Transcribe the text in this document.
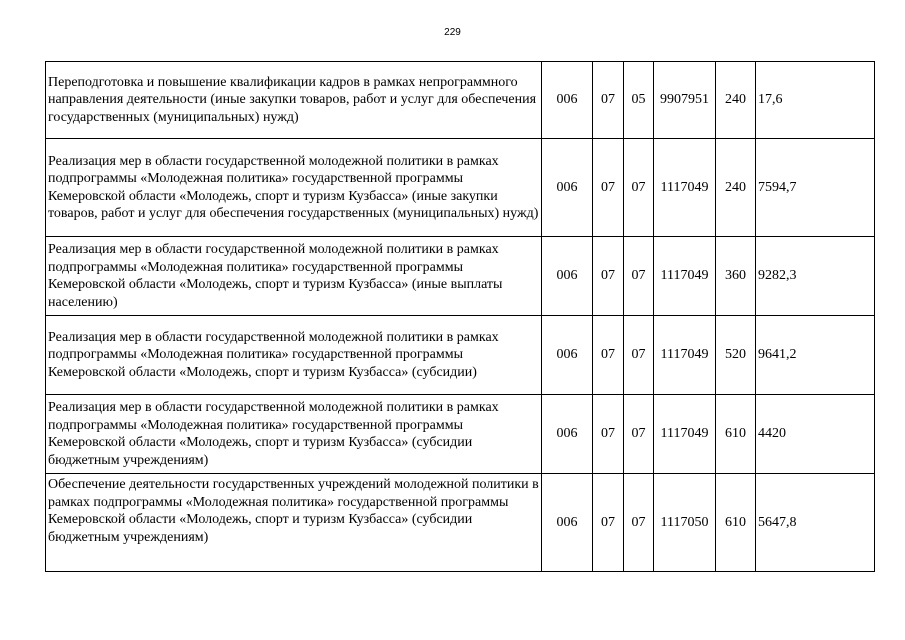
229
Переподготовка и повышение квалификации кадров в рамках непрограммного направления деятельности (иные закупки товаров, работ и услуг для обеспечения государственных (муниципальных) нужд)	006	07	05	9907951	240	17,6
Реализация мер в области государственной молодежной политики в рамках подпрограммы «Молодежная политика» государственной программы Кемеровской области «Молодежь, спорт и туризм Кузбасса» (иные закупки товаров, работ и услуг для обеспечения государственных (муниципальных) нужд)	006	07	07	1117049	240	7594,7
Реализация мер в области государственной молодежной политики в рамках подпрограммы «Молодежная политика» государственной программы Кемеровской области «Молодежь, спорт и туризм Кузбасса» (иные выплаты населению)	006	07	07	1117049	360	9282,3
Реализация мер в области государственной молодежной политики в рамках подпрограммы «Молодежная политика» государственной программы Кемеровской области «Молодежь, спорт и туризм Кузбасса» (субсидии)	006	07	07	1117049	520	9641,2
Реализация мер в области государственной молодежной политики в рамках подпрограммы «Молодежная политика» государственной программы Кемеровской области «Молодежь, спорт и туризм Кузбасса» (субсидии бюджетным учреждениям)	006	07	07	1117049	610	4420
Обеспечение деятельности государственных учреждений молодежной политики в рамках подпрограммы «Молодежная политика» государственной программы Кемеровской области «Молодежь, спорт и туризм Кузбасса» (субсидии бюджетным учреждениям)	006	07	07	1117050	610	5647,8
